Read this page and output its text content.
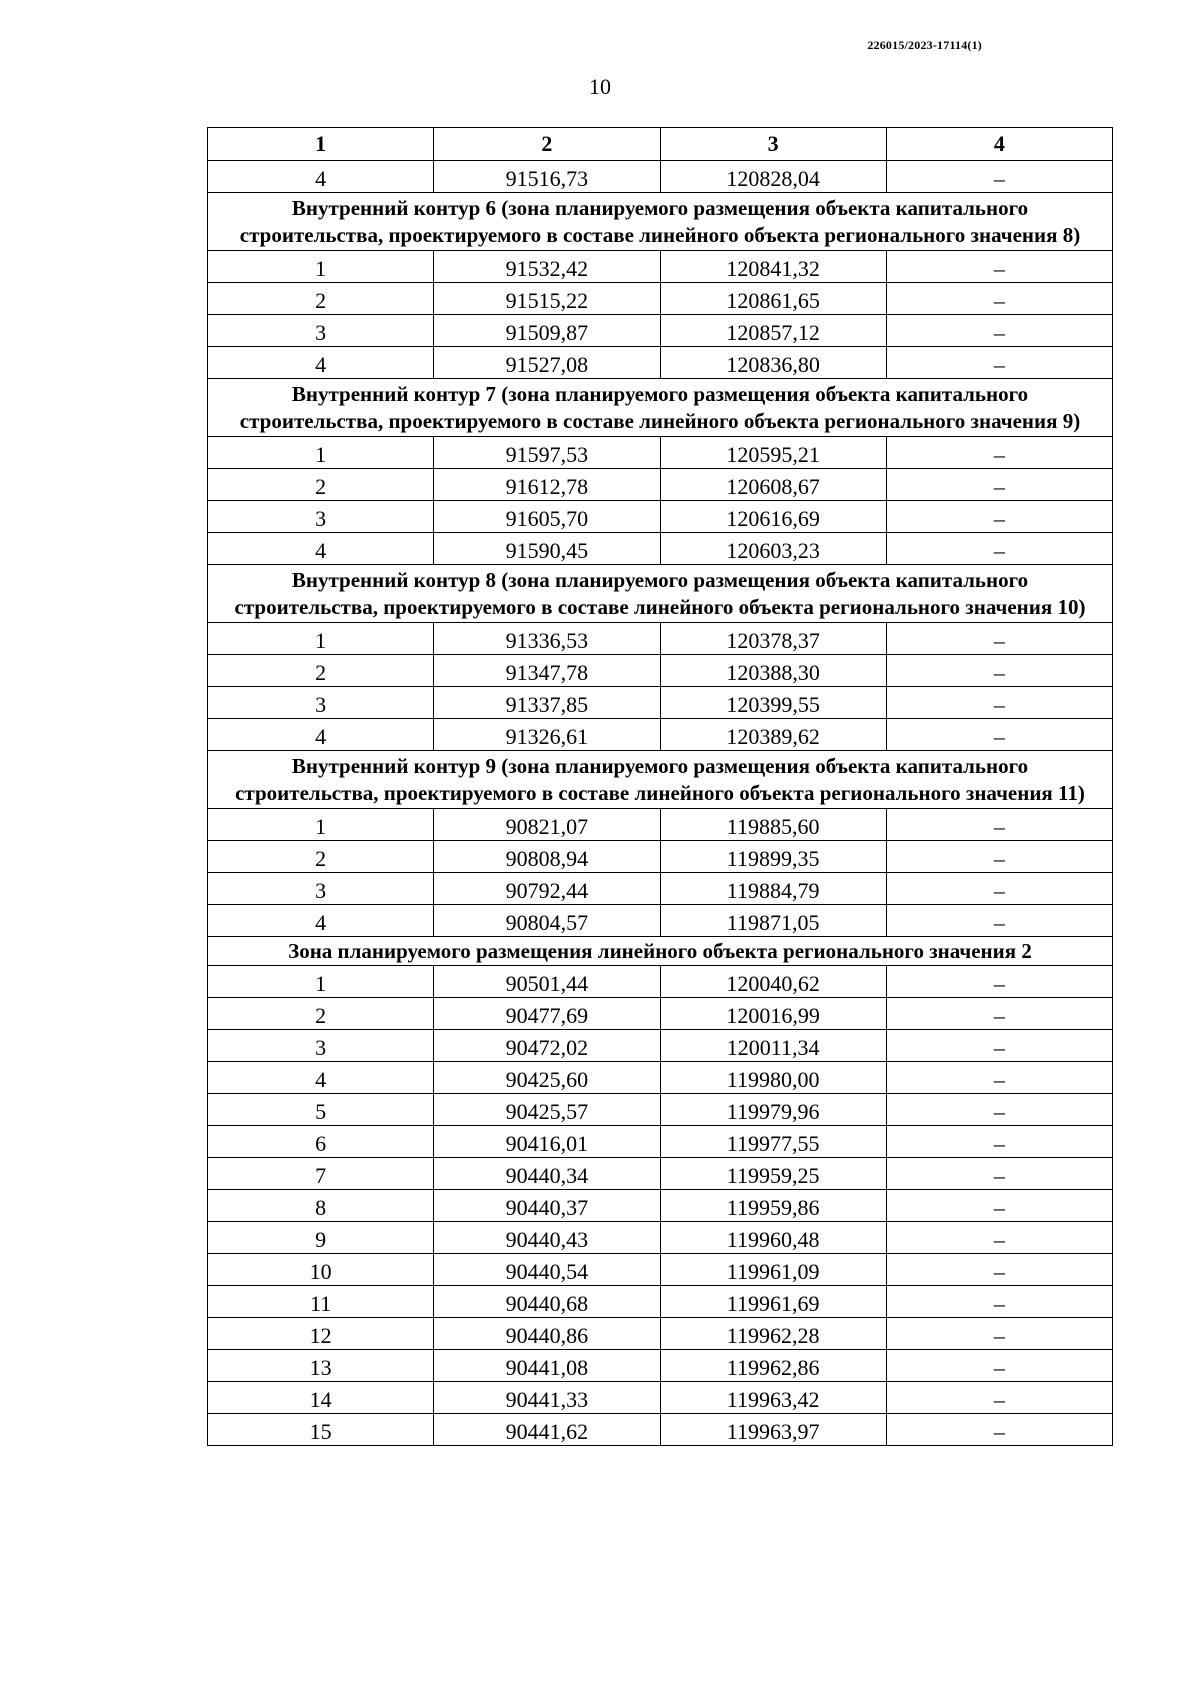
226015/2023-17114(1)
10
1	2	3	4
4	91516,73	120828,04	–
Внутренний контур 6 (зона планируемого размещения объекта капитального строительства, проектируемого в составе линейного объекта регионального значения 8)			
1	91532,42	120841,32	–
2	91515,22	120861,65	–
3	91509,87	120857,12	–
4	91527,08	120836,80	–
Внутренний контур 7 (зона планируемого размещения объекта капитального строительства, проектируемого в составе линейного объекта регионального значения 9)			
1	91597,53	120595,21	–
2	91612,78	120608,67	–
3	91605,70	120616,69	–
4	91590,45	120603,23	–
Внутренний контур 8 (зона планируемого размещения объекта капитального строительства, проектируемого в составе линейного объекта регионального значения 10)			
1	91336,53	120378,37	–
2	91347,78	120388,30	–
3	91337,85	120399,55	–
4	91326,61	120389,62	–
Внутренний контур 9 (зона планируемого размещения объекта капитального строительства, проектируемого в составе линейного объекта регионального значения 11)			
1	90821,07	119885,60	–
2	90808,94	119899,35	–
3	90792,44	119884,79	–
4	90804,57	119871,05	–
Зона планируемого размещения линейного объекта регионального значения 2			
1	90501,44	120040,62	–
2	90477,69	120016,99	–
3	90472,02	120011,34	–
4	90425,60	119980,00	–
5	90425,57	119979,96	–
6	90416,01	119977,55	–
7	90440,34	119959,25	–
8	90440,37	119959,86	–
9	90440,43	119960,48	–
10	90440,54	119961,09	–
11	90440,68	119961,69	–
12	90440,86	119962,28	–
13	90441,08	119962,86	–
14	90441,33	119963,42	–
15	90441,62	119963,97	–
